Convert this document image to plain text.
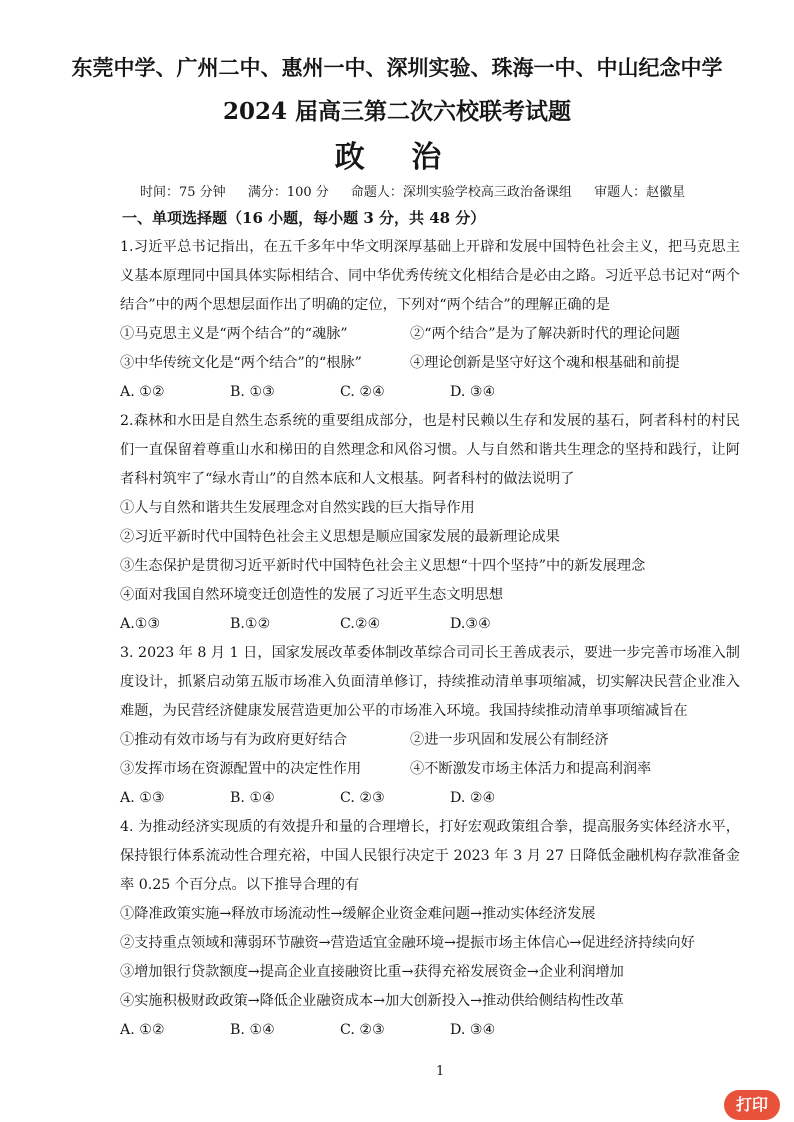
东莞中学、广州二中、惠州一中、深圳实验、珠海一中、中山纪念中学
2024 届高三第二次六校联考试题
政 治
时间：75 分钟 满分：100 分 命题人：深圳实验学校高三政治备课组 审题人：赵徽星
一、单项选择题（16 小题，每小题 3 分，共 48 分）

1.习近平总书记指出，在五千多年中华文明深厚基础上开辟和发展中国特色社会主义，把马克思主义基本原理同中国具体实际相结合、同中华优秀传统文化相结合是必由之路。习近平总书记对“两个结合”中的两个思想层面作出了明确的定位，下列对“两个结合”的理解正确的是

①马克思主义是“两个结合”的“魂脉”	②“两个结合”是为了解决新时代的理论问题
③中华传统文化是“两个结合”的“根脉”	④理论创新是坚守好这个魂和根基础和前提
A. ①②	B. ①③	C. ②④	D. ③④

2.森林和水田是自然生态系统的重要组成部分，也是村民赖以生存和发展的基石，阿者科村的村民们一直保留着尊重山水和梯田的自然理念和风俗习惯。人与自然和谐共生理念的坚持和践行，让阿者科村筑牢了“绿水青山”的自然本底和人文根基。阿者科村的做法说明了

①人与自然和谐共生发展理念对自然实践的巨大指导作用

②习近平新时代中国特色社会主义思想是顺应国家发展的最新理论成果

③生态保护是贯彻习近平新时代中国特色社会主义思想“十四个坚持”中的新发展理念

④面对我国自然环境变迁创造性的发展了习近平生态文明思想

A.①③	B.①②	C.②④	D.③④

3. 2023 年 8 月 1 日，国家发展改革委体制改革综合司司长王善成表示，要进一步完善市场准入制度设计，抓紧启动第五版市场准入负面清单修订，持续推动清单事项缩减，切实解决民营企业准入难题，为民营经济健康发展营造更加公平的市场准入环境。我国持续推动清单事项缩减旨在

①推动有效市场与有为政府更好结合	②进一步巩固和发展公有制经济
③发挥市场在资源配置中的决定性作用	④不断激发市场主体活力和提高利润率
A. ①③	B. ①④	C. ②③	D. ②④

4. 为推动经济实现质的有效提升和量的合理增长，打好宏观政策组合拳，提高服务实体经济水平，保持银行体系流动性合理充裕，中国人民银行决定于 2023 年 3 月 27 日降低金融机构存款准备金率 0.25 个百分点。以下推导合理的有

①降准政策实施→释放市场流动性→缓解企业资金难问题→推动实体经济发展

②支持重点领域和薄弱环节融资→营造适宜金融环境→提振市场主体信心→促进经济持续向好

③增加银行贷款额度→提高企业直接融资比重→获得充裕发展资金→企业利润增加

④实施积极财政政策→降低企业融资成本→加大创新投入→推动供给侧结构性改革

A. ①②	B. ①④	C. ②③	D. ③④
1
打印
